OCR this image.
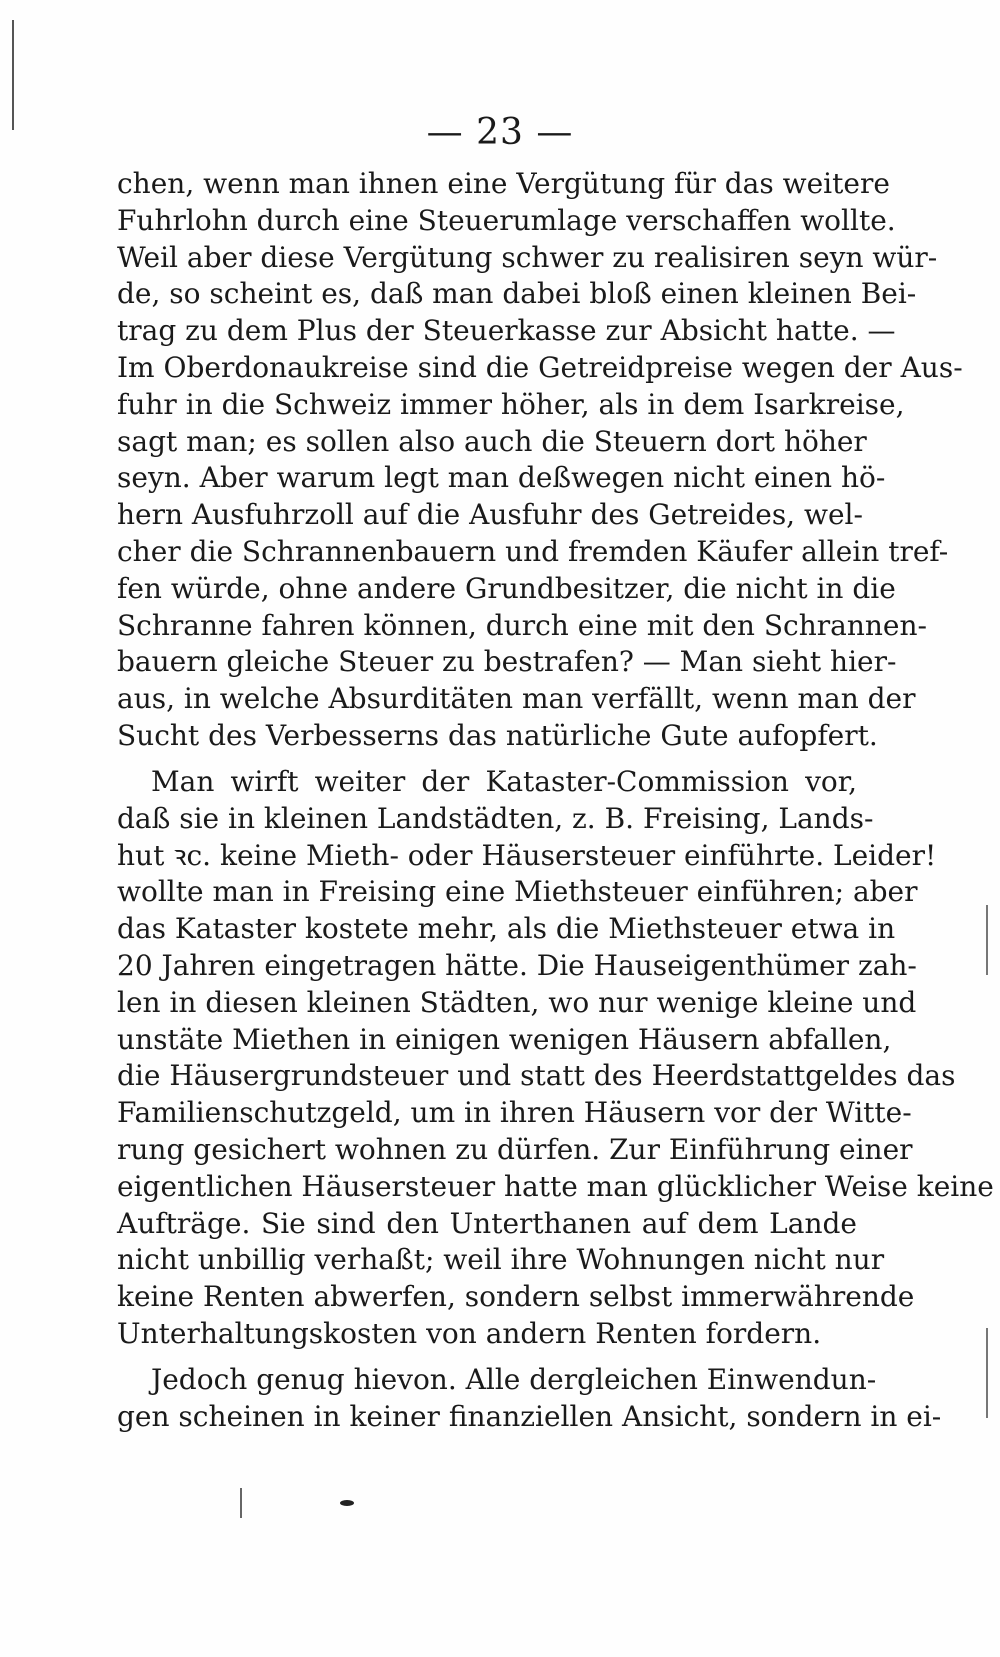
— 23 —
chen, wenn man ihnen eine Vergütung für das weitere
Fuhrlohn durch eine Steuerumlage verschaffen wollte.
Weil aber diese Vergütung schwer zu realisiren seyn wür-
de, so scheint es, daß man dabei bloß einen kleinen Bei-
trag zu dem Plus der Steuerkasse zur Absicht hatte. —
Im Oberdonaukreise sind die Getreidpreise wegen der Aus-
fuhr in die Schweiz immer höher, als in dem Isarkreise,
sagt man; es sollen also auch die Steuern dort höher
seyn. Aber warum legt man deßwegen nicht einen hö-
hern Ausfuhrzoll auf die Ausfuhr des Getreides, wel-
cher die Schrannenbauern und fremden Käufer allein tref-
fen würde, ohne andere Grundbesitzer, die nicht in die
Schranne fahren können, durch eine mit den Schrannen-
bauern gleiche Steuer zu bestrafen? — Man sieht hier-
aus, in welche Absurditäten man verfällt, wenn man der
Sucht des Verbesserns das natürliche Gute aufopfert.
Man wirft weiter der Kataster-Commission vor,
daß sie in kleinen Landstädten, z. B. Freising, Lands-
hut ꝛc. keine Mieth- oder Häusersteuer einführte. Leider!
wollte man in Freising eine Miethsteuer einführen; aber
das Kataster kostete mehr, als die Miethsteuer etwa in
20 Jahren eingetragen hätte. Die Hauseigenthümer zah-
len in diesen kleinen Städten, wo nur wenige kleine und
unstäte Miethen in einigen wenigen Häusern abfallen,
die Häusergrundsteuer und statt des Heerdstattgeldes das
Familienschutzgeld, um in ihren Häusern vor der Witte-
rung gesichert wohnen zu dürfen. Zur Einführung einer
eigentlichen Häusersteuer hatte man glücklicher Weise keine
Aufträge. Sie sind den Unterthanen auf dem Lande
nicht unbillig verhaßt; weil ihre Wohnungen nicht nur
keine Renten abwerfen, sondern selbst immerwährende
Unterhaltungskosten von andern Renten fordern.
Jedoch genug hievon. Alle dergleichen Einwendun-
gen scheinen in keiner finanziellen Ansicht, sondern in ei-
